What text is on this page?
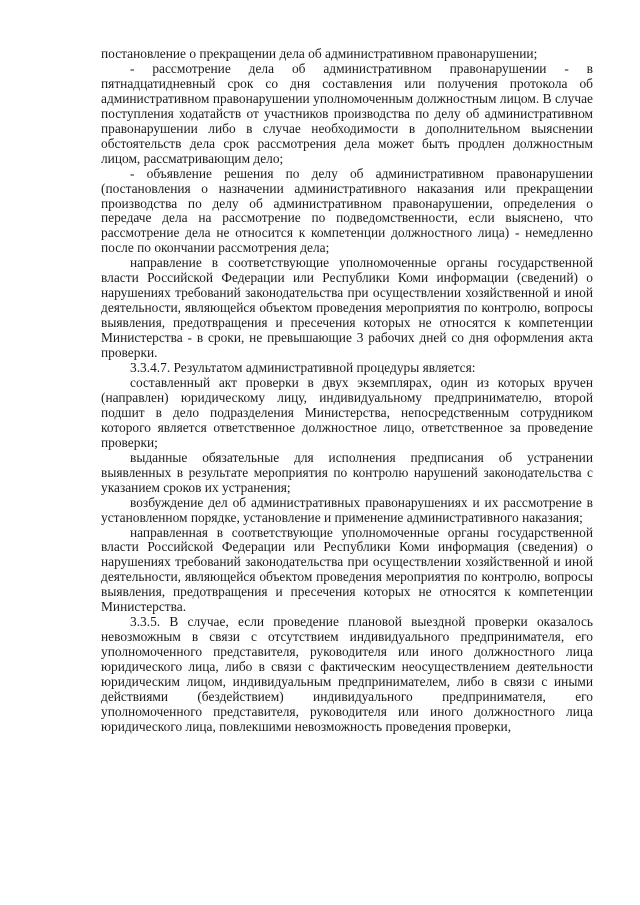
постановление о прекращении дела об административном правонарушении;

- рассмотрение дела об административном правонарушении - в пятнадцатидневный срок со дня составления или получения протокола об административном правонарушении уполномоченным должностным лицом. В случае поступления ходатайств от участников производства по делу об административном правонарушении либо в случае необходимости в дополнительном выяснении обстоятельств дела срок рассмотрения дела может быть продлен должностным лицом, рассматривающим дело;

- объявление решения по делу об административном правонарушении (постановления о назначении административного наказания или прекращении производства по делу об административном правонарушении, определения о передаче дела на рассмотрение по подведомственности, если выяснено, что рассмотрение дела не относится к компетенции должностного лица) - немедленно после по окончании рассмотрения дела;

направление в соответствующие уполномоченные органы государственной власти Российской Федерации или Республики Коми информации (сведений) о нарушениях требований законодательства при осуществлении хозяйственной и иной деятельности, являющейся объектом проведения мероприятия по контролю, вопросы выявления, предотвращения и пресечения которых не относятся к компетенции Министерства - в сроки, не превышающие 3 рабочих дней со дня оформления акта проверки.

3.3.4.7. Результатом административной процедуры является:

составленный акт проверки в двух экземплярах, один из которых вручен (направлен) юридическому лицу, индивидуальному предпринимателю, второй подшит в дело подразделения Министерства, непосредственным сотрудником которого является ответственное должностное лицо, ответственное за проведение проверки;

выданные обязательные для исполнения предписания об устранении выявленных в результате мероприятия по контролю нарушений законодательства с указанием сроков их устранения;

возбуждение дел об административных правонарушениях и их рассмотрение в установленном порядке, установление и применение административного наказания;

направленная в соответствующие уполномоченные органы государственной власти Российской Федерации или Республики Коми информация (сведения) о нарушениях требований законодательства при осуществлении хозяйственной и иной деятельности, являющейся объектом проведения мероприятия по контролю, вопросы выявления, предотвращения и пресечения которых не относятся к компетенции Министерства.

3.3.5. В случае, если проведение плановой выездной проверки оказалось невозможным в связи с отсутствием индивидуального предпринимателя, его уполномоченного представителя, руководителя или иного должностного лица юридического лица, либо в связи с фактическим неосуществлением деятельности юридическим лицом, индивидуальным предпринимателем, либо в связи с иными действиями (бездействием) индивидуального предпринимателя, его уполномоченного представителя, руководителя или иного должностного лица юридического лица, повлекшими невозможность проведения проверки,
